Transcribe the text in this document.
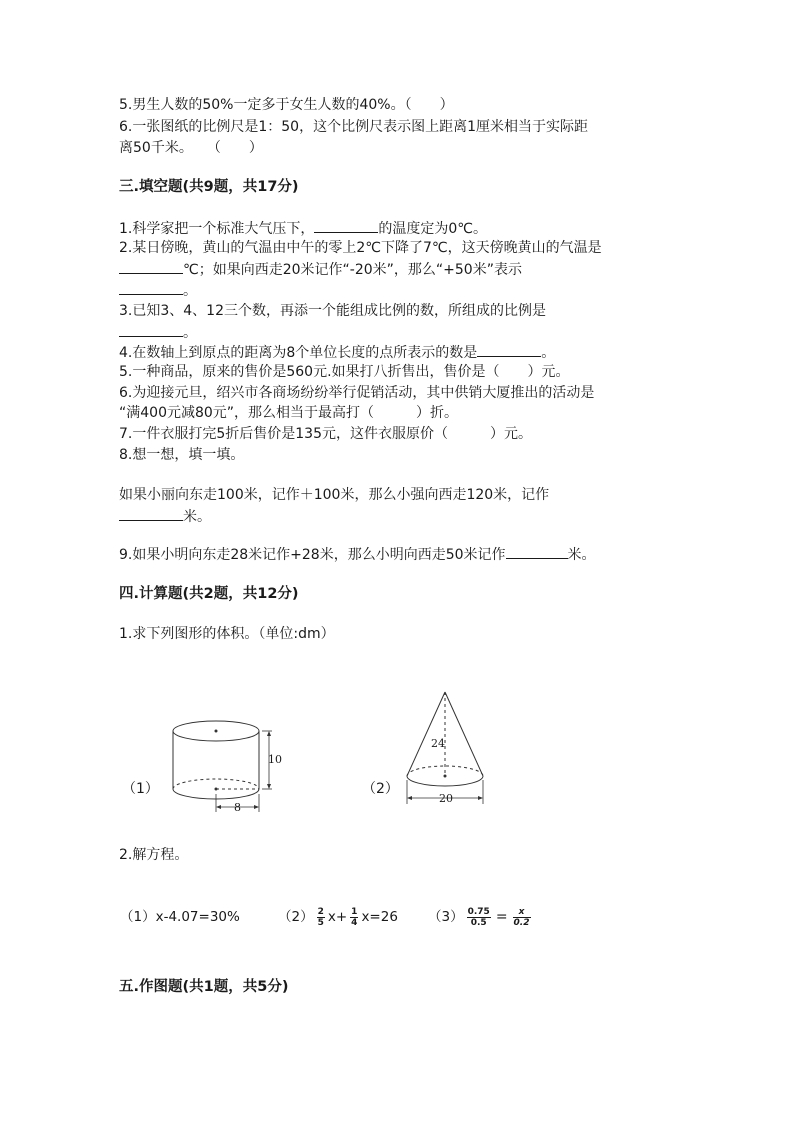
5.男生人数的50%一定多于女生人数的40%。（　　）
6.一张图纸的比例尺是1：50，这个比例尺表示图上距离1厘米相当于实际距
离50千米。　　（　　）
三.填空题(共9题，共17分)
1.科学家把一个标准大气压下，	的温度定为0℃。
2.某日傍晚，黄山的气温由中午的零上2℃下降了7℃，这天傍晚黄山的气温是
℃；如果向西走20米记作“-20米”，那么“+50米”表示
。
3.已知3、4、12三个数，再添一个能组成比例的数，所组成的比例是
。
4.在数轴上到原点的距离为8个单位长度的点所表示的数是	。
5.一种商品，原来的售价是560元.如果打八折售出，售价是（　　）元。
6.为迎接元旦，绍兴市各商场纷纷举行促销活动，其中供销大厦推出的活动是
“满400元减80元”，那么相当于最高打（　　　）折。
7.一件衣服打完5折后售价是135元，这件衣服原价（　　　）元。
8.想一想，填一填。
如果小丽向东走100米，记作＋100米，那么小强向西走120米，记作
米。
9.如果小明向东走28米记作+28米，那么小明向西走50米记作	米。
四.计算题(共2题，共12分)
1.求下列图形的体积。（单位:dm）
（1）
10
8
（2）
24
20
2.解方程。
（1）x-4.07=30%	$(2) \frac{2}{5} x+ \frac{1}{4} x=26$ $(3) \frac{0.75}{0.5} = \frac{x}{0.2}$
五.作图题(共1题，共5分)
